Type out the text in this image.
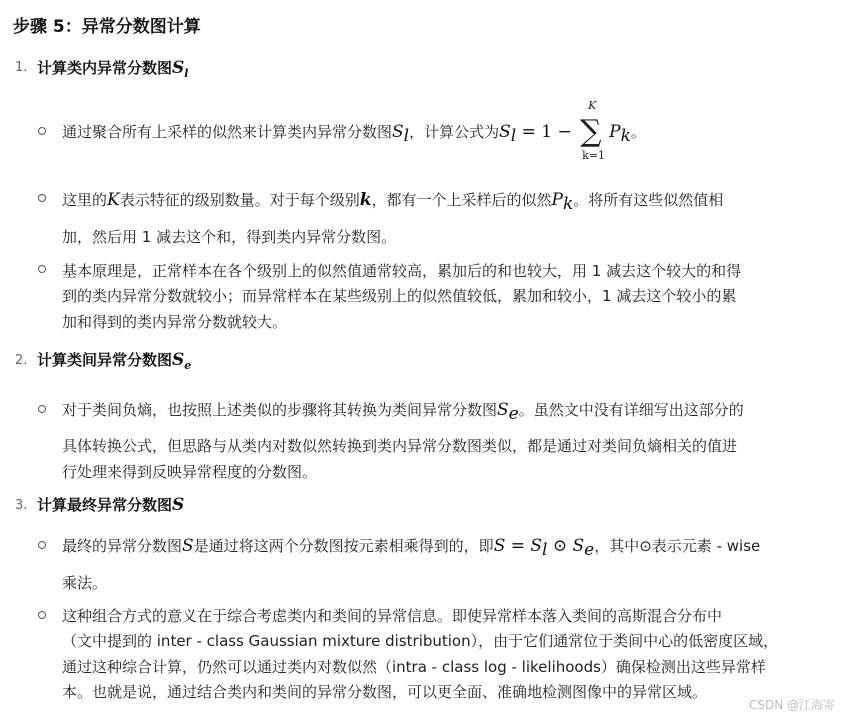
步骤 5：异常分数图计算
1. 计算类内异常分数图$S_l$
通过聚合所有上采样的似然来计算类内异常分数图$S_l$，计算公式为$S_l = 1$ −
K
∑
k=1
$P_k$。
这里的K表示特征的级别数量。对于每个级别k，都有一个上采样后的似然$P_k$。将所有这些似然值相
加，然后用 1 减去这个和，得到类内异常分数图。
基本原理是，正常样本在各个级别上的似然值通常较高，累加后的和也较大，用 1 减去这个较大的和得
到的类内异常分数就较小；而异常样本在某些级别上的似然值较低，累加和较小，1 减去这个较小的累
加和得到的类内异常分数就较大。
2. 计算类间异常分数图$S_e$
对于类间负熵，也按照上述类似的步骤将其转换为类间异常分数图$S_e$。虽然文中没有详细写出这部分的
具体转换公式，但思路与从类内对数似然转换到类内异常分数图类似，都是通过对类间负熵相关的值进
行处理来得到反映异常程度的分数图。
3. 计算最终异常分数图S
最终的异常分数图S是通过将这两个分数图按元素相乘得到的，即$S = S_l$ ⊙ $S_e$，其中⊙表示元素 - wise
乘法。
这种组合方式的意义在于综合考虑类内和类间的异常信息。即使异常样本落入类间的高斯混合分布中
（文中提到的 inter - class Gaussian mixture distribution），由于它们通常位于类间中心的低密度区域，
通过这种综合计算，仍然可以通过类内对数似然（intra - class log - likelihoods）确保检测出这些异常样
本。也就是说，通过结合类内和类间的异常分数图，可以更全面、准确地检测图像中的异常区域。
CSDN @江海寄
